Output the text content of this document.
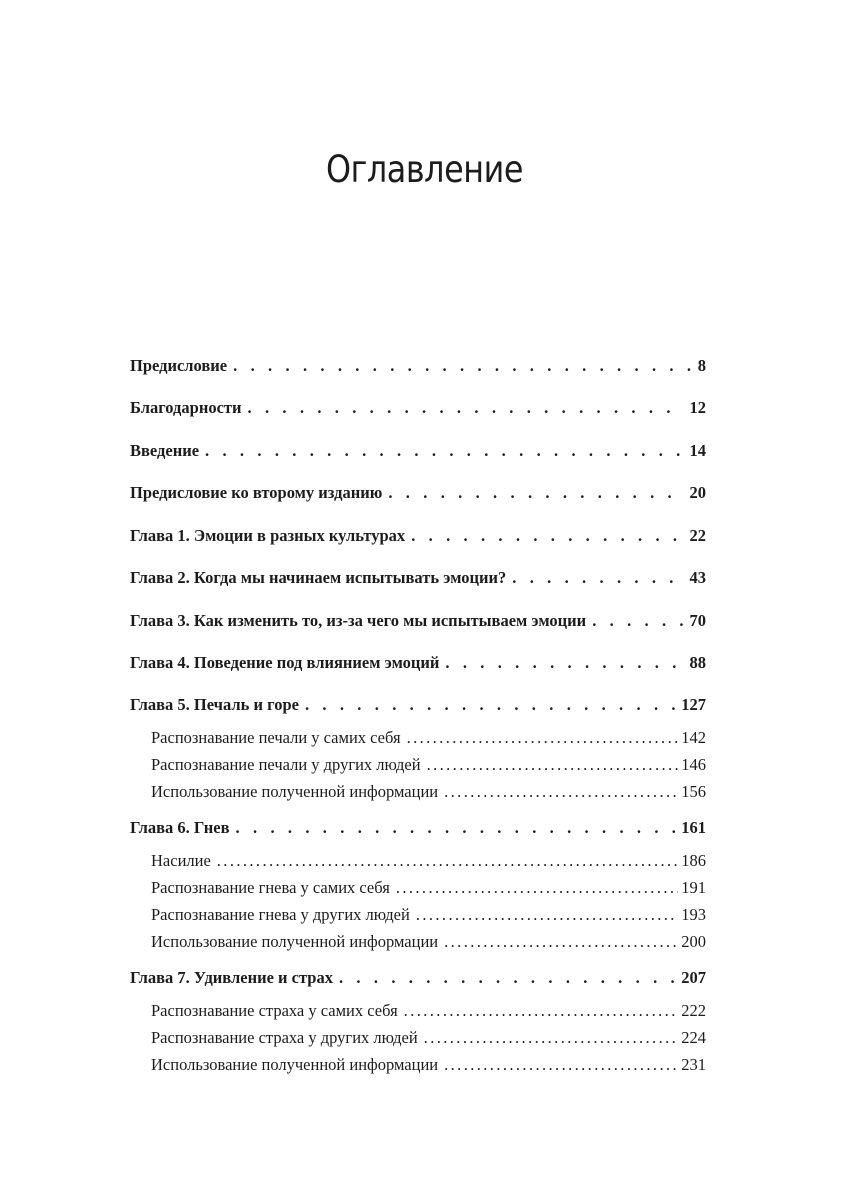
Оглавление
Предисловие . . .	8
Благодарности . . .	12
Введение . . .	14
Предисловие ко второму изданию . . .	20
Глава 1. Эмоции в разных культурах . . .	22
Глава 2. Когда мы начинаем испытывать эмоции? . . .	43
Глава 3. Как изменить то, из-за чего мы испытываем эмоции . . .	70
Глава 4. Поведение под влиянием эмоций . . .	88
Глава 5. Печаль и горе . . .	127
Распознавание печали у самих себя .....	142
Распознавание печали у других людей .....	146
Использование полученной информации .....	156
Глава 6. Гнев . . .	161
Насилие .....	186
Распознавание гнева у самих себя .....	191
Распознавание гнева у других людей .....	193
Использование полученной информации .....	200
Глава 7. Удивление и страх . . .	207
Распознавание страха у самих себя .....	222
Распознавание страха у других людей .....	224
Использование полученной информации .....	231
